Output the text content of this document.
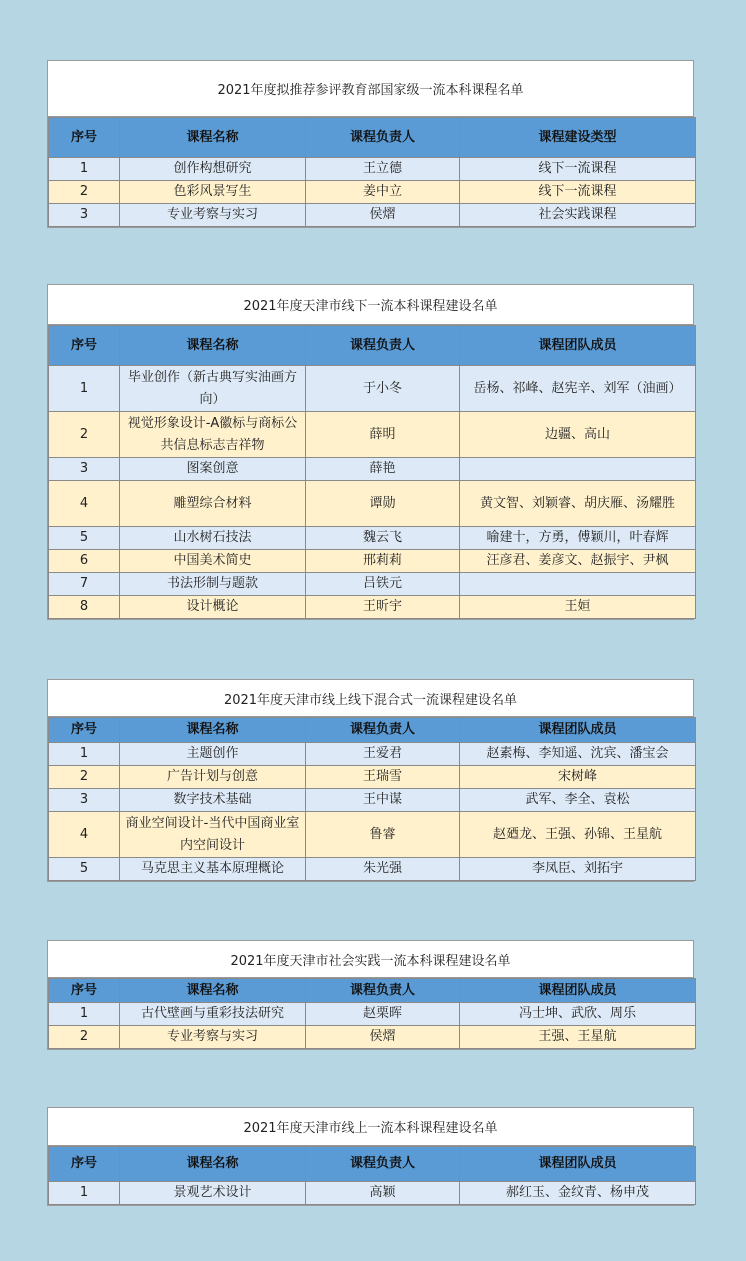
2021年度拟推荐参评教育部国家级一流本科课程名单
序号	课程名称	课程负责人	课程建设类型
1	创作构想研究	王立德	线下一流课程
2	色彩风景写生	姜中立	线下一流课程
3	专业考察与实习	侯熠	社会实践课程
2021年度天津市线下一流本科课程建设名单
序号	课程名称	课程负责人	课程团队成员
1	毕业创作（新古典写实油画方向）	于小冬	岳杨、祁峰、赵宪辛、刘军（油画）
2	视觉形象设计-A徽标与商标公共信息标志吉祥物	薛明	边疆、高山
3	图案创意	薛艳	
4	雕塑综合材料	谭勋	黄文智、刘颖睿、胡庆雁、汤耀胜
5	山水树石技法	魏云飞	喻建十，方勇，傅颖川，叶春辉
6	中国美术简史	邢莉莉	汪彦君、姜彦文、赵振宇、尹枫
7	书法形制与题款	吕铁元	
8	设计概论	王昕宇	王姮
2021年度天津市线上线下混合式一流课程建设名单
序号	课程名称	课程负责人	课程团队成员
1	主题创作	王爱君	赵素梅、李知遥、沈宾、潘宝会
2	广告计划与创意	王瑞雪	宋树峰
3	数字技术基础	王中谋	武军、李全、袁松
4	商业空间设计-当代中国商业室内空间设计	鲁睿	赵廼龙、王强、孙锦、王星航
5	马克思主义基本原理概论	朱光强	李凤臣、刘拓宇
2021年度天津市社会实践一流本科课程建设名单
序号	课程名称	课程负责人	课程团队成员
1	古代壁画与重彩技法研究	赵栗晖	冯士坤、武欣、周乐
2	专业考察与实习	侯熠	王强、王星航
2021年度天津市线上一流本科课程建设名单
序号	课程名称	课程负责人	课程团队成员
1	景观艺术设计	高颖	郝红玉、金纹青、杨申茂
